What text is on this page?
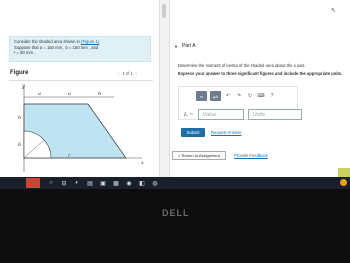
Consider the shaded area shown in (Figure 1)
Suppose that a = 150 mm , b = 150 mm , and
r = 90 mm .
Figure	‹ 1 of 1 ›
y
a	a	b
r
b
b
x
▼ Part A
Determine the moment of inertia of the shaded area about the x axis.
Express your answer to three significant figures and include the appropriate units.
▪▪	μA	↶	↷	↻	⌨	?
Iₓ =	Value	Units
Submit	Request Answer
< Return to Assignment	Provide Feedback
↖
○	⊟	◐	▤	▣	▦	◉	◧	◍
DELL
